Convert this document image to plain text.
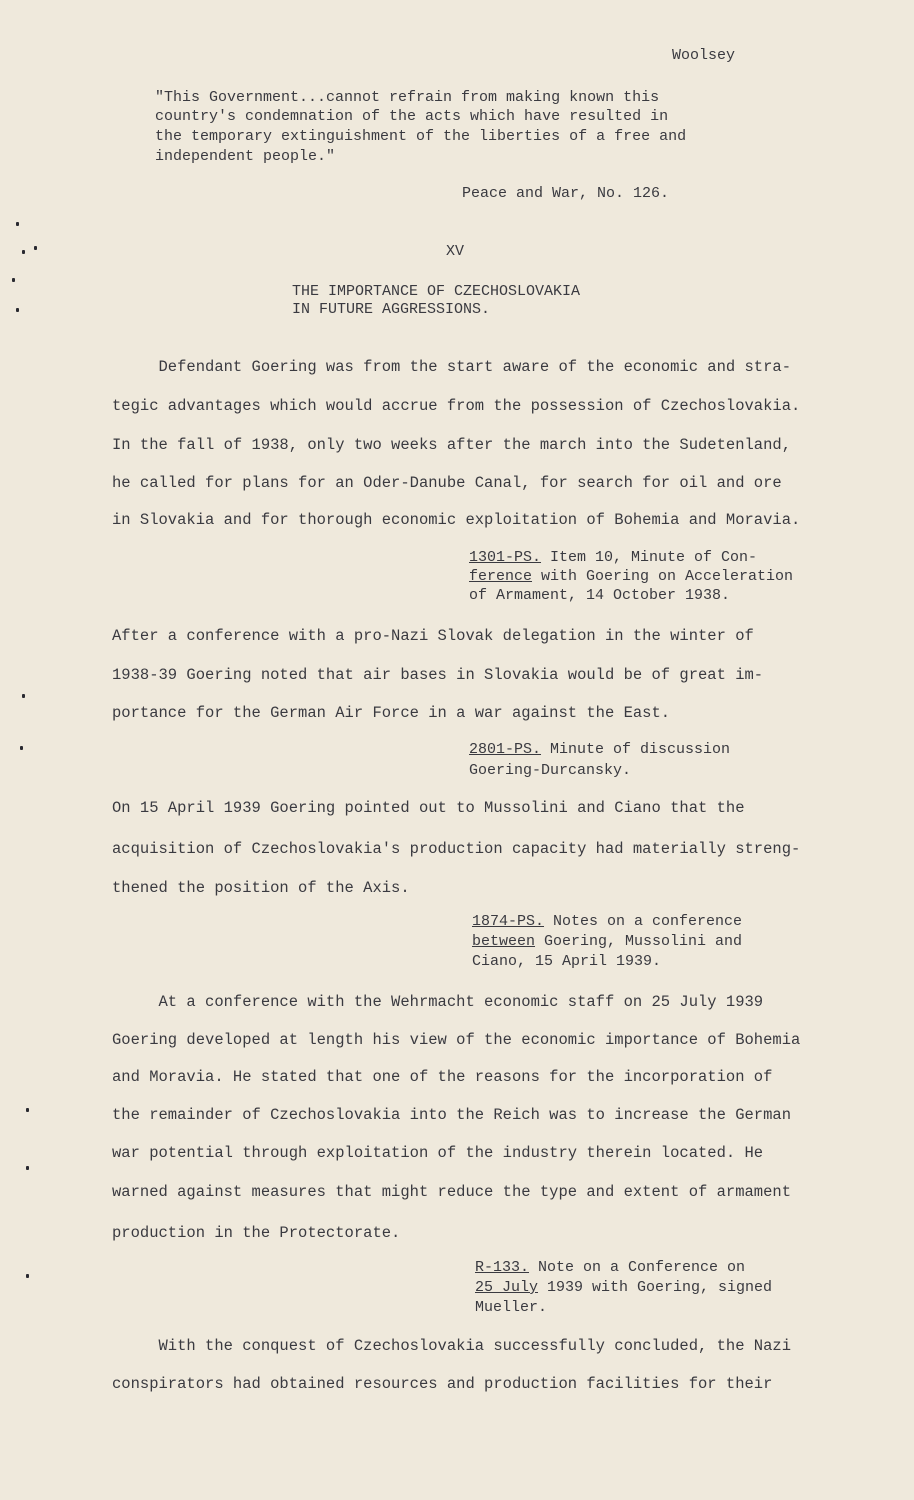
Woolsey
"This Government...cannot refrain from making known this
country's condemnation of the acts which have resulted in
the temporary extinguishment of the liberties of a free and
independent people."
Peace and War, No. 126.
XV
THE IMPORTANCE OF CZECHOSLOVAKIA
IN FUTURE AGGRESSIONS.
Defendant Goering was from the start aware of the economic and stra-
tegic advantages which would accrue from the possession of Czechoslovakia.
In the fall of 1938, only two weeks after the march into the Sudetenland,
he called for plans for an Oder-Danube Canal, for search for oil and ore
in Slovakia and for thorough economic exploitation of Bohemia and Moravia.
1301-PS. Item 10, Minute of Con-
ference with Goering on Acceleration
of Armament, 14 October 1938.
After a conference with a pro-Nazi Slovak delegation in the winter of
1938-39 Goering noted that air bases in Slovakia would be of great im-
portance for the German Air Force in a war against the East.
2801-PS. Minute of discussion
Goering-Durcansky.
On 15 April 1939 Goering pointed out to Mussolini and Ciano that the
acquisition of Czechoslovakia's production capacity had materially streng-
thened the position of the Axis.
1874-PS. Notes on a conference
between Goering, Mussolini and
Ciano, 15 April 1939.
At a conference with the Wehrmacht economic staff on 25 July 1939
Goering developed at length his view of the economic importance of Bohemia
and Moravia. He stated that one of the reasons for the incorporation of
the remainder of Czechoslovakia into the Reich was to increase the German
war potential through exploitation of the industry therein located. He
warned against measures that might reduce the type and extent of armament
production in the Protectorate.
R-133. Note on a Conference on
25 July 1939 with Goering, signed
Mueller.
With the conquest of Czechoslovakia successfully concluded, the Nazi
conspirators had obtained resources and production facilities for their
